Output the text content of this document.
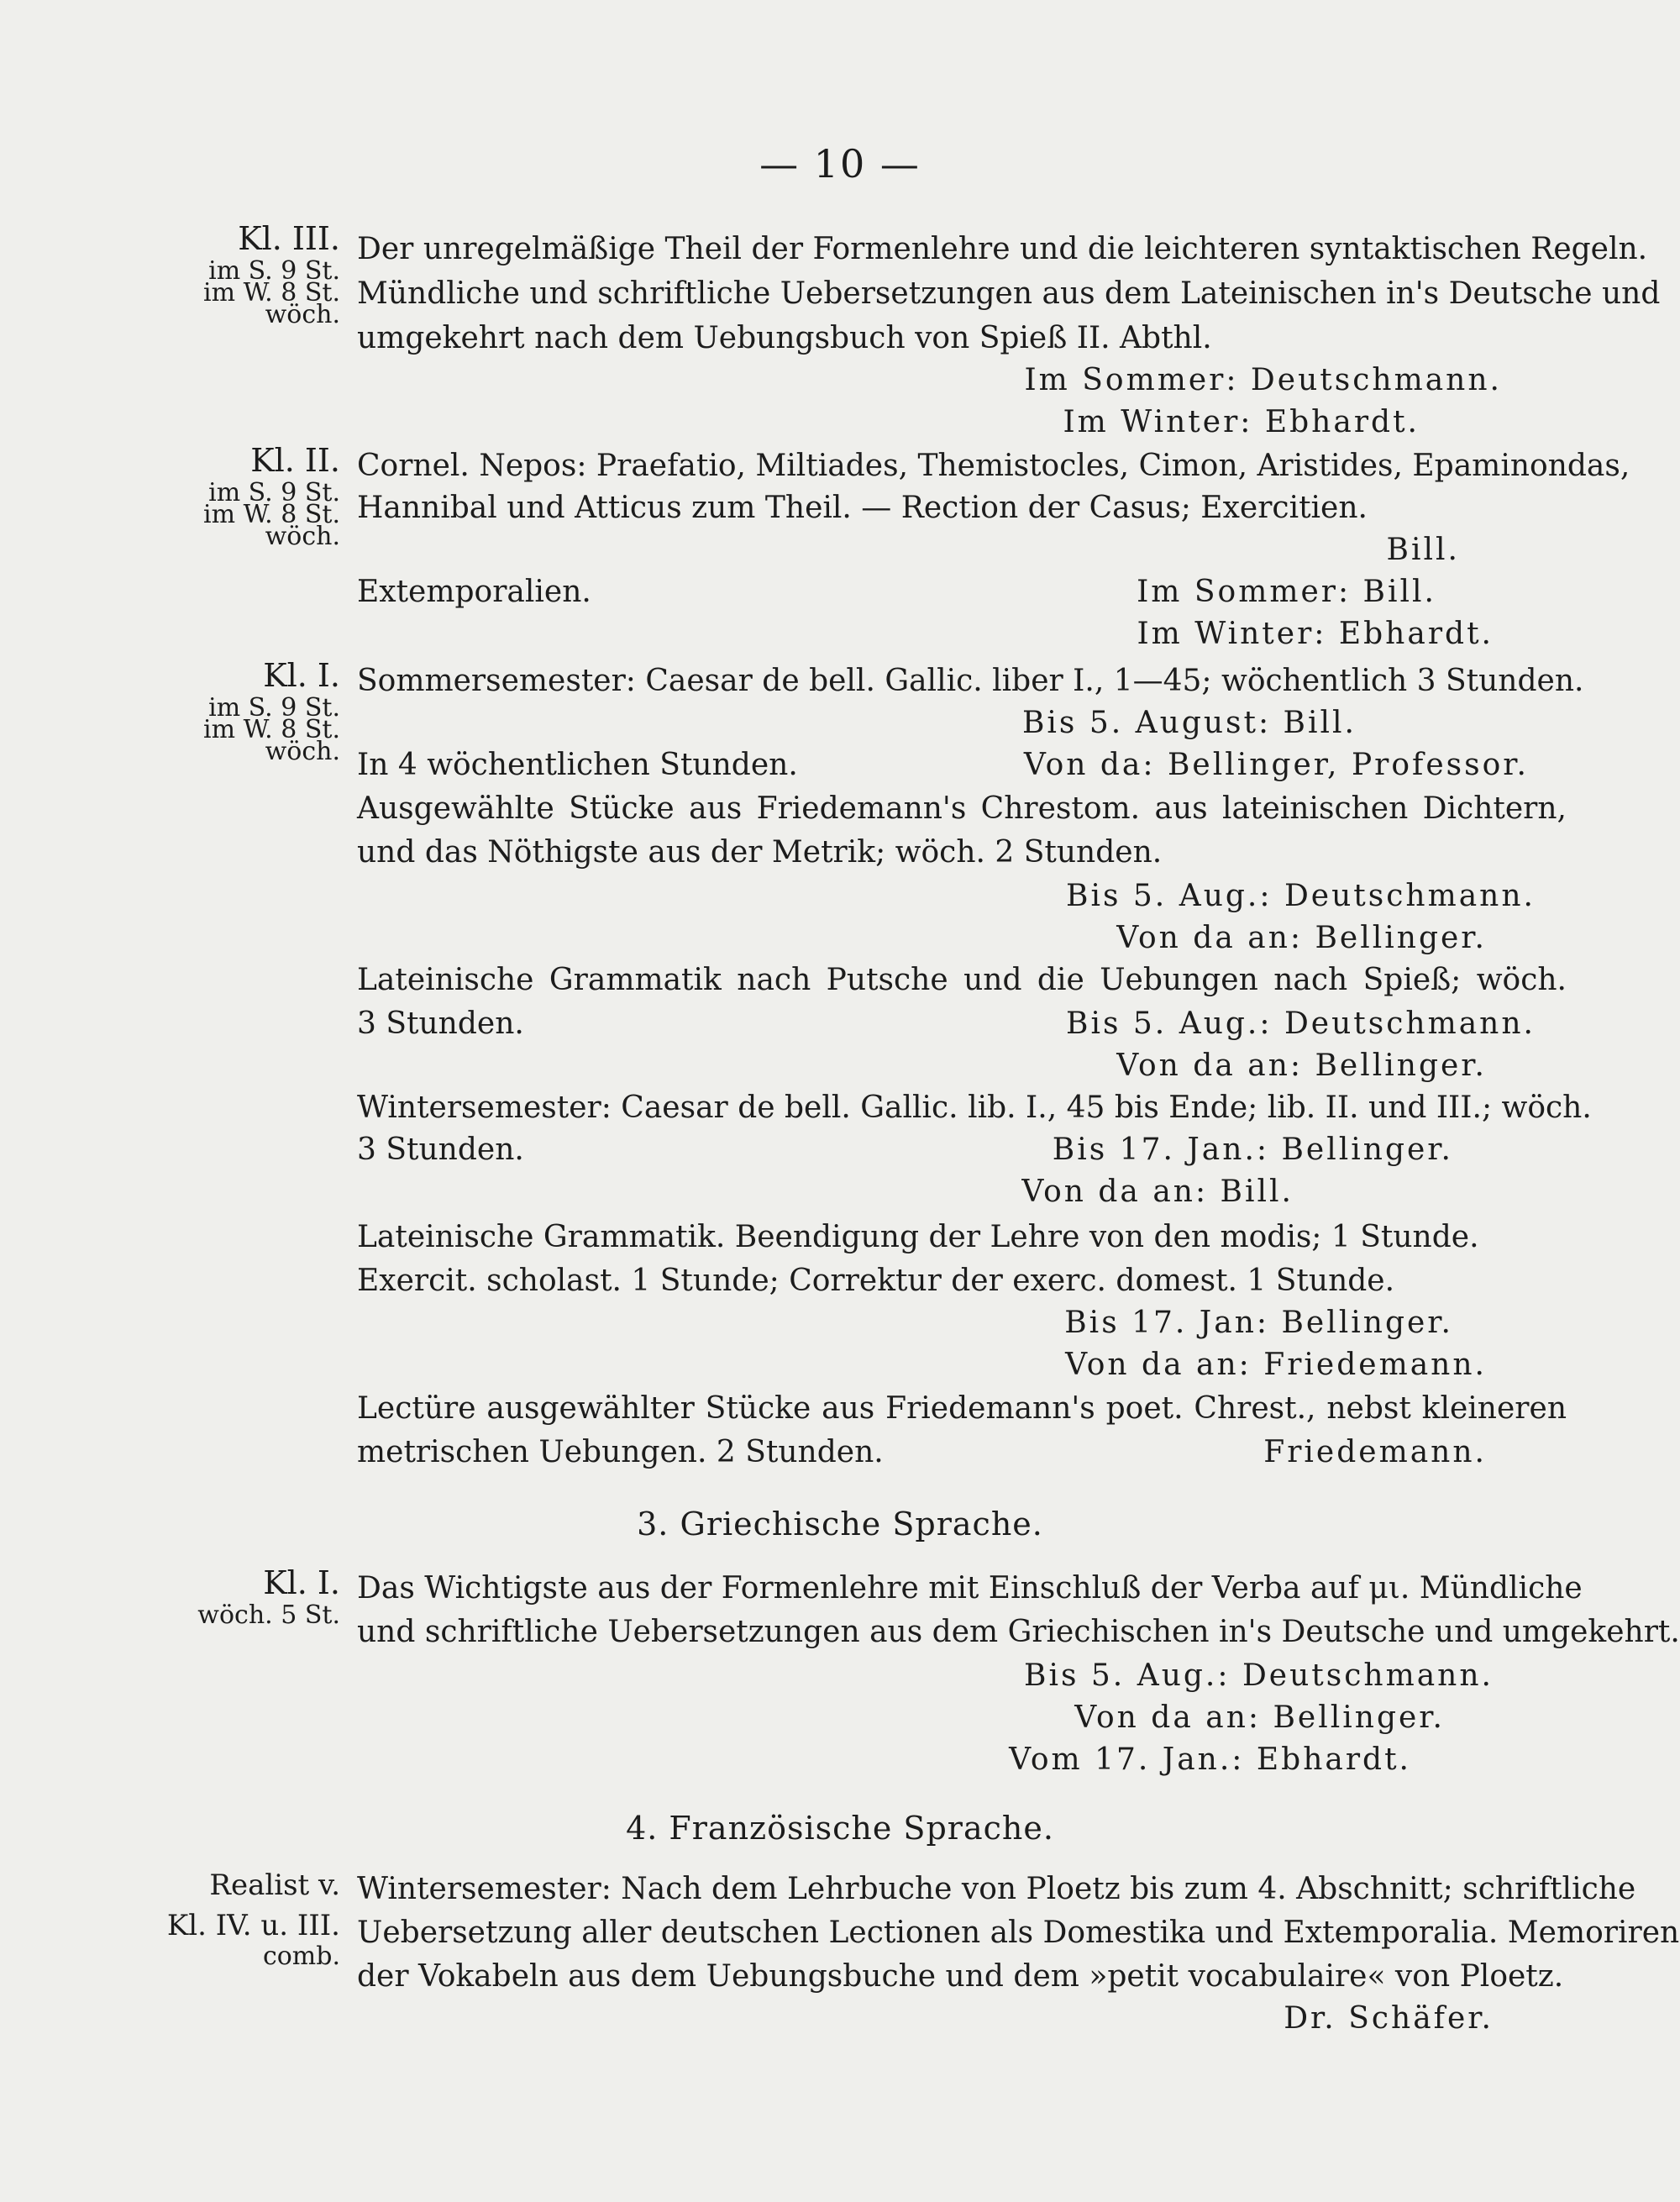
— 10 —
Kl. III.
im S. 9 St.
im W. 8 St.
wöch.
Der unregelmäßige Theil der Formenlehre und die leichteren syntaktischen Regeln.
Mündliche und schriftliche Uebersetzungen aus dem Lateinischen in's Deutsche und
umgekehrt nach dem Uebungsbuch von Spieß II. Abthl.
Im Sommer: Deutschmann.
Im Winter: Ebhardt.
Kl. II.
im S. 9 St.
im W. 8 St.
wöch.
Cornel. Nepos: Praefatio, Miltiades, Themistocles, Cimon, Aristides, Epaminondas,
Hannibal und Atticus zum Theil. — Rection der Casus; Exercitien.
Bill.
Extemporalien.	Im Sommer: Bill.
Im Winter: Ebhardt.
Kl. I.
im S. 9 St.
im W. 8 St.
wöch.
Sommersemester: Caesar de bell. Gallic. liber I., 1—45; wöchentlich 3 Stunden.
Bis 5. August: Bill.
In 4 wöchentlichen Stunden.	Von da: Bellinger, Professor.
Ausgewählte Stücke aus Friedemann's Chrestom. aus lateinischen Dichtern,
und das Nöthigste aus der Metrik; wöch. 2 Stunden.
Bis 5. Aug.: Deutschmann.
Von da an: Bellinger.
Lateinische Grammatik nach Putsche und die Uebungen nach Spieß; wöch.
3 Stunden.	Bis 5. Aug.: Deutschmann.
Von da an: Bellinger.
Wintersemester: Caesar de bell. Gallic. lib. I., 45 bis Ende; lib. II. und III.; wöch.
3 Stunden.	Bis 17. Jan.: Bellinger.
Von da an: Bill.
Lateinische Grammatik. Beendigung der Lehre von den modis; 1 Stunde.
Exercit. scholast. 1 Stunde; Correktur der exerc. domest. 1 Stunde.
Bis 17. Jan: Bellinger.
Von da an: Friedemann.
Lectüre ausgewählter Stücke aus Friedemann's poet. Chrest., nebst kleineren
metrischen Uebungen. 2 Stunden.	Friedemann.
3. Griechische Sprache.
Kl. I.
wöch. 5 St.
Das Wichtigste aus der Formenlehre mit Einschluß der Verba auf μι. Mündliche
und schriftliche Uebersetzungen aus dem Griechischen in's Deutsche und umgekehrt.
Bis 5. Aug.: Deutschmann.
Von da an: Bellinger.
Vom 17. Jan.: Ebhardt.
4. Französische Sprache.
Realist v.
Kl. IV. u. III.
comb.
Wintersemester: Nach dem Lehrbuche von Ploetz bis zum 4. Abschnitt; schriftliche
Uebersetzung aller deutschen Lectionen als Domestika und Extemporalia. Memoriren
der Vokabeln aus dem Uebungsbuche und dem »petit vocabulaire« von Ploetz.
Dr. Schäfer.
